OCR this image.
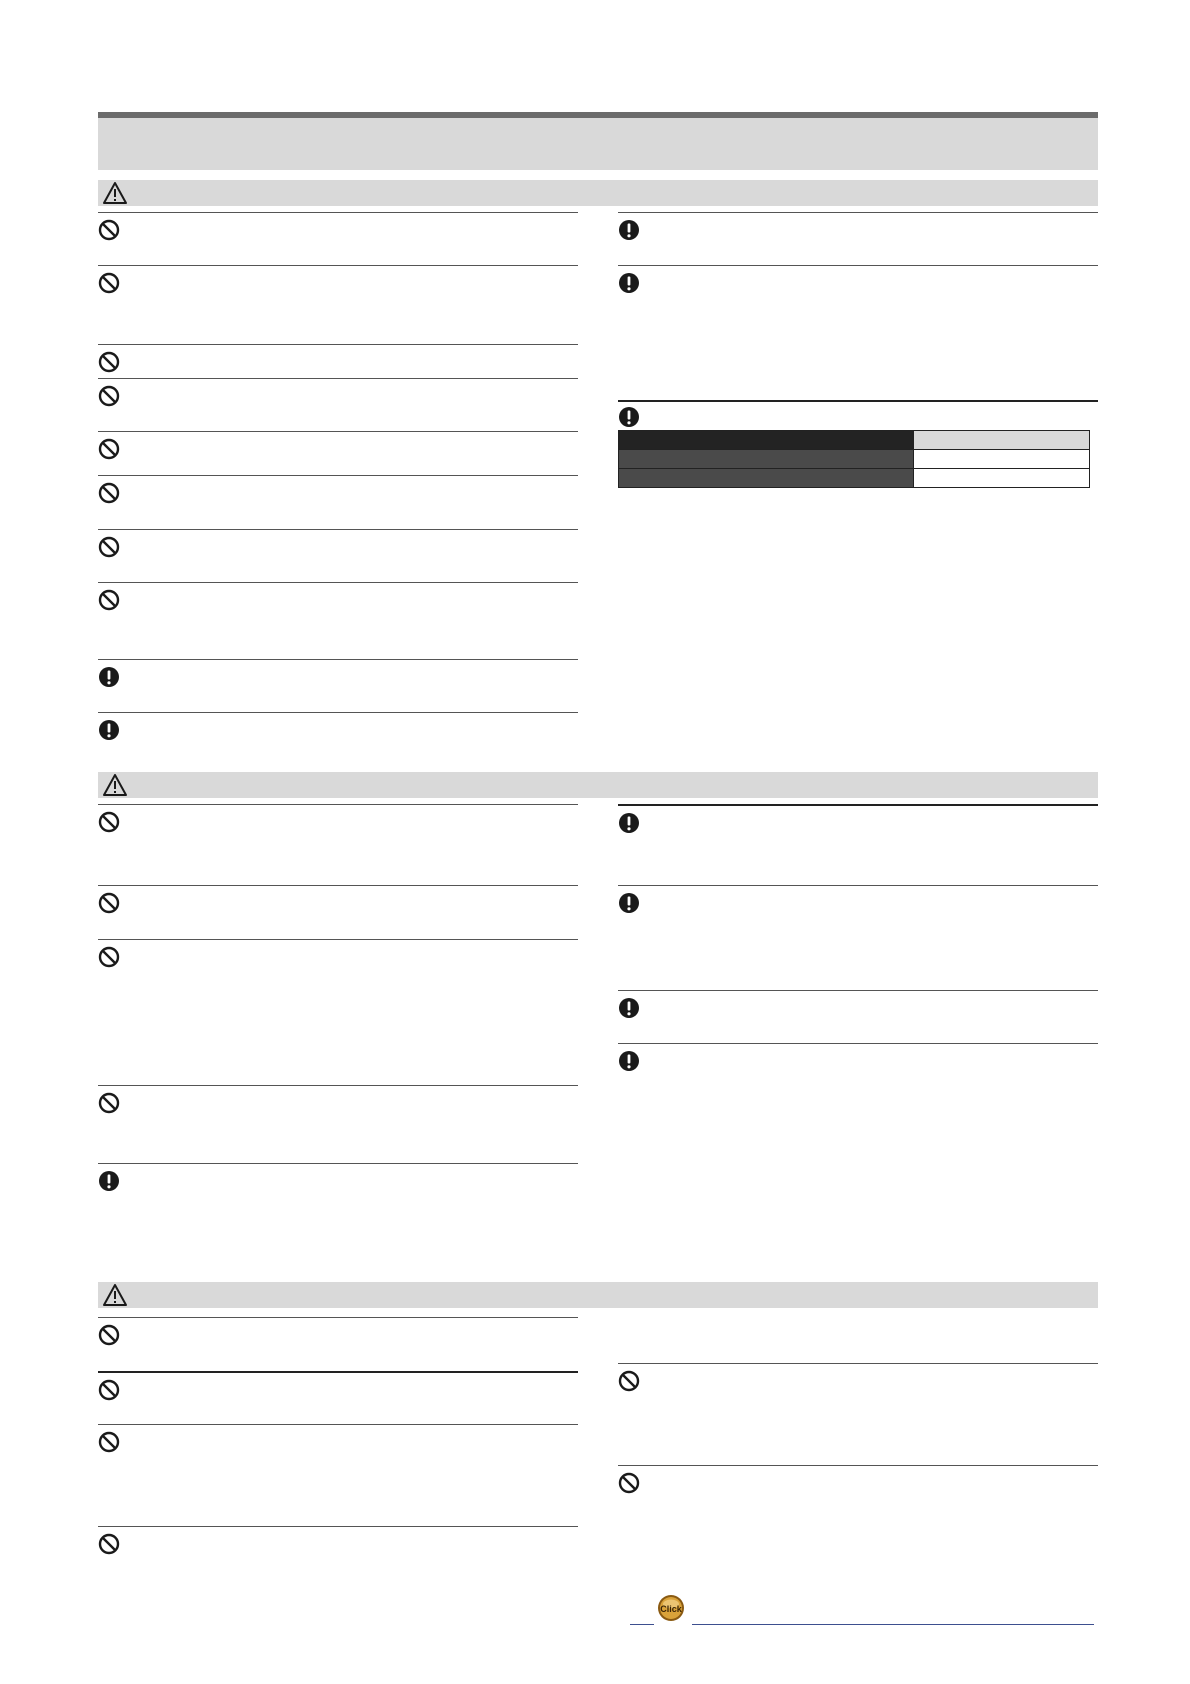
Click
